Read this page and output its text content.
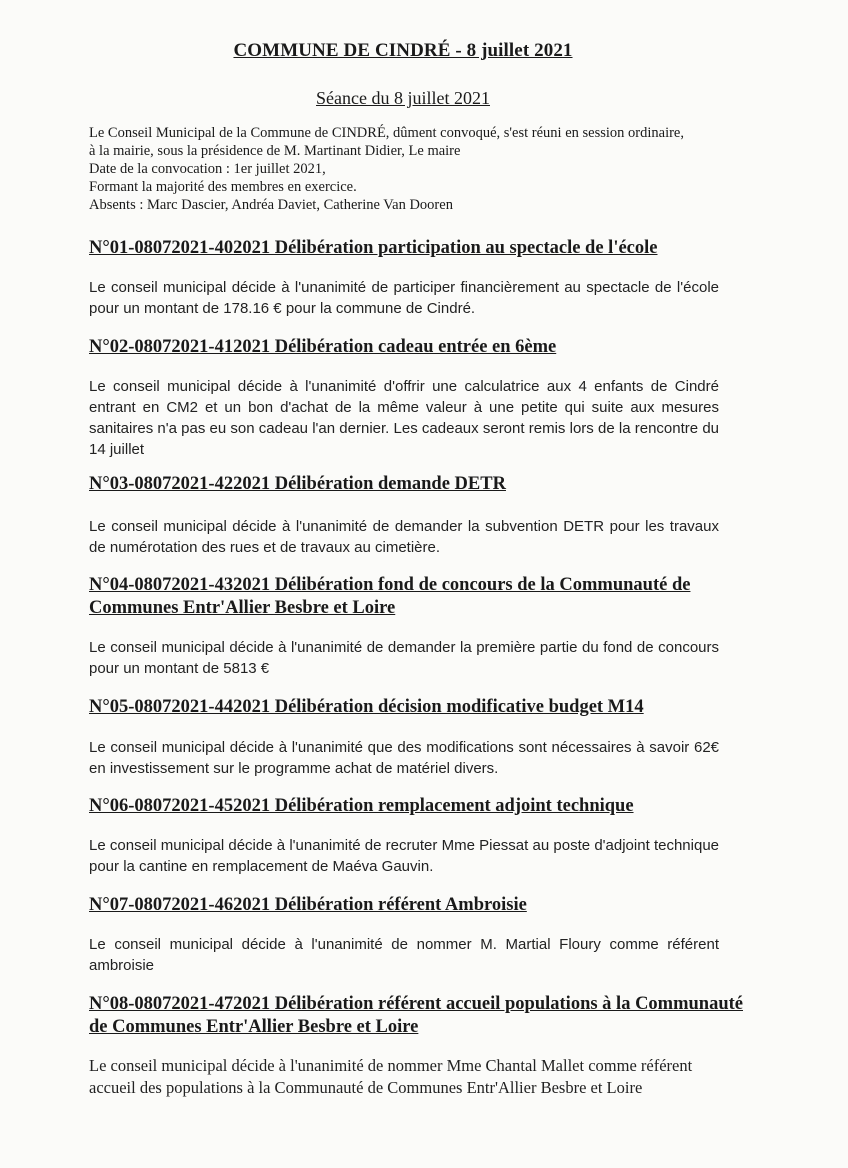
COMMUNE DE CINDRÉ - 8 juillet 2021
Séance du 8 juillet 2021
Le Conseil Municipal de la Commune de CINDRÉ, dûment convoqué, s'est réuni en session ordinaire,
à la mairie, sous la présidence de M. Martinant Didier, Le maire
Date de la convocation : 1er juillet 2021,
Formant la majorité des membres en exercice.
Absents : Marc Dascier, Andréa Daviet, Catherine Van Dooren
N°01-08072021-402021 Délibération participation au spectacle de l'école
Le conseil municipal décide à l'unanimité de participer financièrement au spectacle de l'école pour un montant de 178.16 € pour la commune de Cindré.
N°02-08072021-412021 Délibération cadeau entrée en 6ème
Le conseil municipal décide à l'unanimité d'offrir une calculatrice aux 4 enfants de Cindré entrant en CM2 et un bon d'achat de la même valeur à une petite qui suite aux mesures sanitaires n'a pas eu son cadeau l'an dernier. Les cadeaux seront remis lors de la rencontre du 14 juillet
N°03-08072021-422021 Délibération demande DETR
Le conseil municipal décide à l'unanimité de demander la subvention DETR pour les travaux de numérotation des rues et de travaux au cimetière.
N°04-08072021-432021 Délibération fond de concours de la Communauté de Communes Entr'Allier Besbre et Loire
Le conseil municipal décide à l'unanimité de demander la première partie du fond de concours pour un montant de 5813 €
N°05-08072021-442021 Délibération décision modificative budget M14
Le conseil municipal décide à l'unanimité que des modifications sont nécessaires à savoir 62€ en investissement sur le programme achat de matériel divers.
N°06-08072021-452021 Délibération remplacement adjoint technique
Le conseil municipal décide à l'unanimité de recruter Mme Piessat au poste d'adjoint technique pour la cantine en remplacement de Maéva Gauvin.
N°07-08072021-462021 Délibération référent Ambroisie
Le conseil municipal décide à l'unanimité de nommer M. Martial Floury comme référent ambroisie
N°08-08072021-472021 Délibération référent accueil populations à la Communauté de Communes Entr'Allier Besbre et Loire
Le conseil municipal décide à l'unanimité de nommer Mme Chantal Mallet comme référent accueil des populations à la Communauté de Communes Entr'Allier Besbre et Loire
